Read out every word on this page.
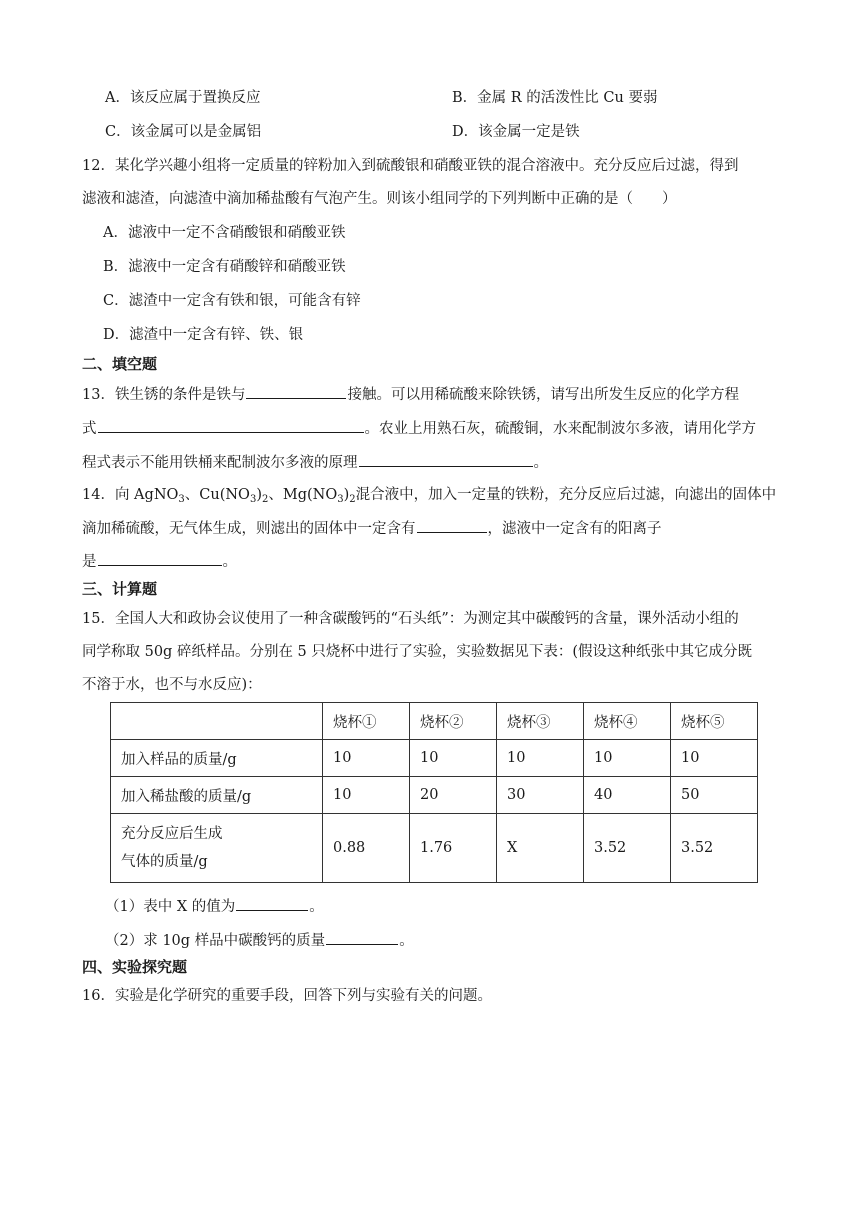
A．该反应属于置换反应	B．金属 R 的活泼性比 Cu 要弱
C．该金属可以是金属铝	D．该金属一定是铁
12．某化学兴趣小组将一定质量的锌粉加入到硫酸银和硝酸亚铁的混合溶液中。充分反应后过滤，得到
滤液和滤渣，向滤渣中滴加稀盐酸有气泡产生。则该小组同学的下列判断中正确的是（　　）
A．滤液中一定不含硝酸银和硝酸亚铁
B．滤液中一定含有硝酸锌和硝酸亚铁
C．滤渣中一定含有铁和银，可能含有锌
D．滤渣中一定含有锌、铁、银
二、填空题
13．铁生锈的条件是铁与	接触。可以用稀硫酸来除铁锈，请写出所发生反应的化学方程
式	。农业上用熟石灰，硫酸铜，水来配制波尔多液，请用化学方
程式表示不能用铁桶来配制波尔多液的原理	。
14．向 AgNO$_3$、$Cu(NO_3)_2$、$Mg(NO_3)_2$混合液中，加入一定量的铁粉，充分反应后过滤，向滤出的固体中
滴加稀硫酸，无气体生成，则滤出的固体中一定含有	，滤液中一定含有的阳离子
是	。
三、计算题
15．全国人大和政协会议使用了一种含碳酸钙的“石头纸”：为测定其中碳酸钙的含量，课外活动小组的
同学称取 50g 碎纸样品。分别在 5 只烧杯中进行了实验，实验数据见下表：(假设这种纸张中其它成分既
不溶于水，也不与水反应)：
	烧杯①	烧杯②	烧杯③	烧杯④	烧杯⑤
加入样品的质量/g	10	10	10	10	10
加入稀盐酸的质量/g	10	20	30	40	50

充分反应后生成
气体的质量/g	0.88	1.76	X	3.52	3.52
（1）表中 X 的值为	。
（2）求 10g 样品中碳酸钙的质量	。
四、实验探究题
16．实验是化学研究的重要手段，回答下列与实验有关的问题。
